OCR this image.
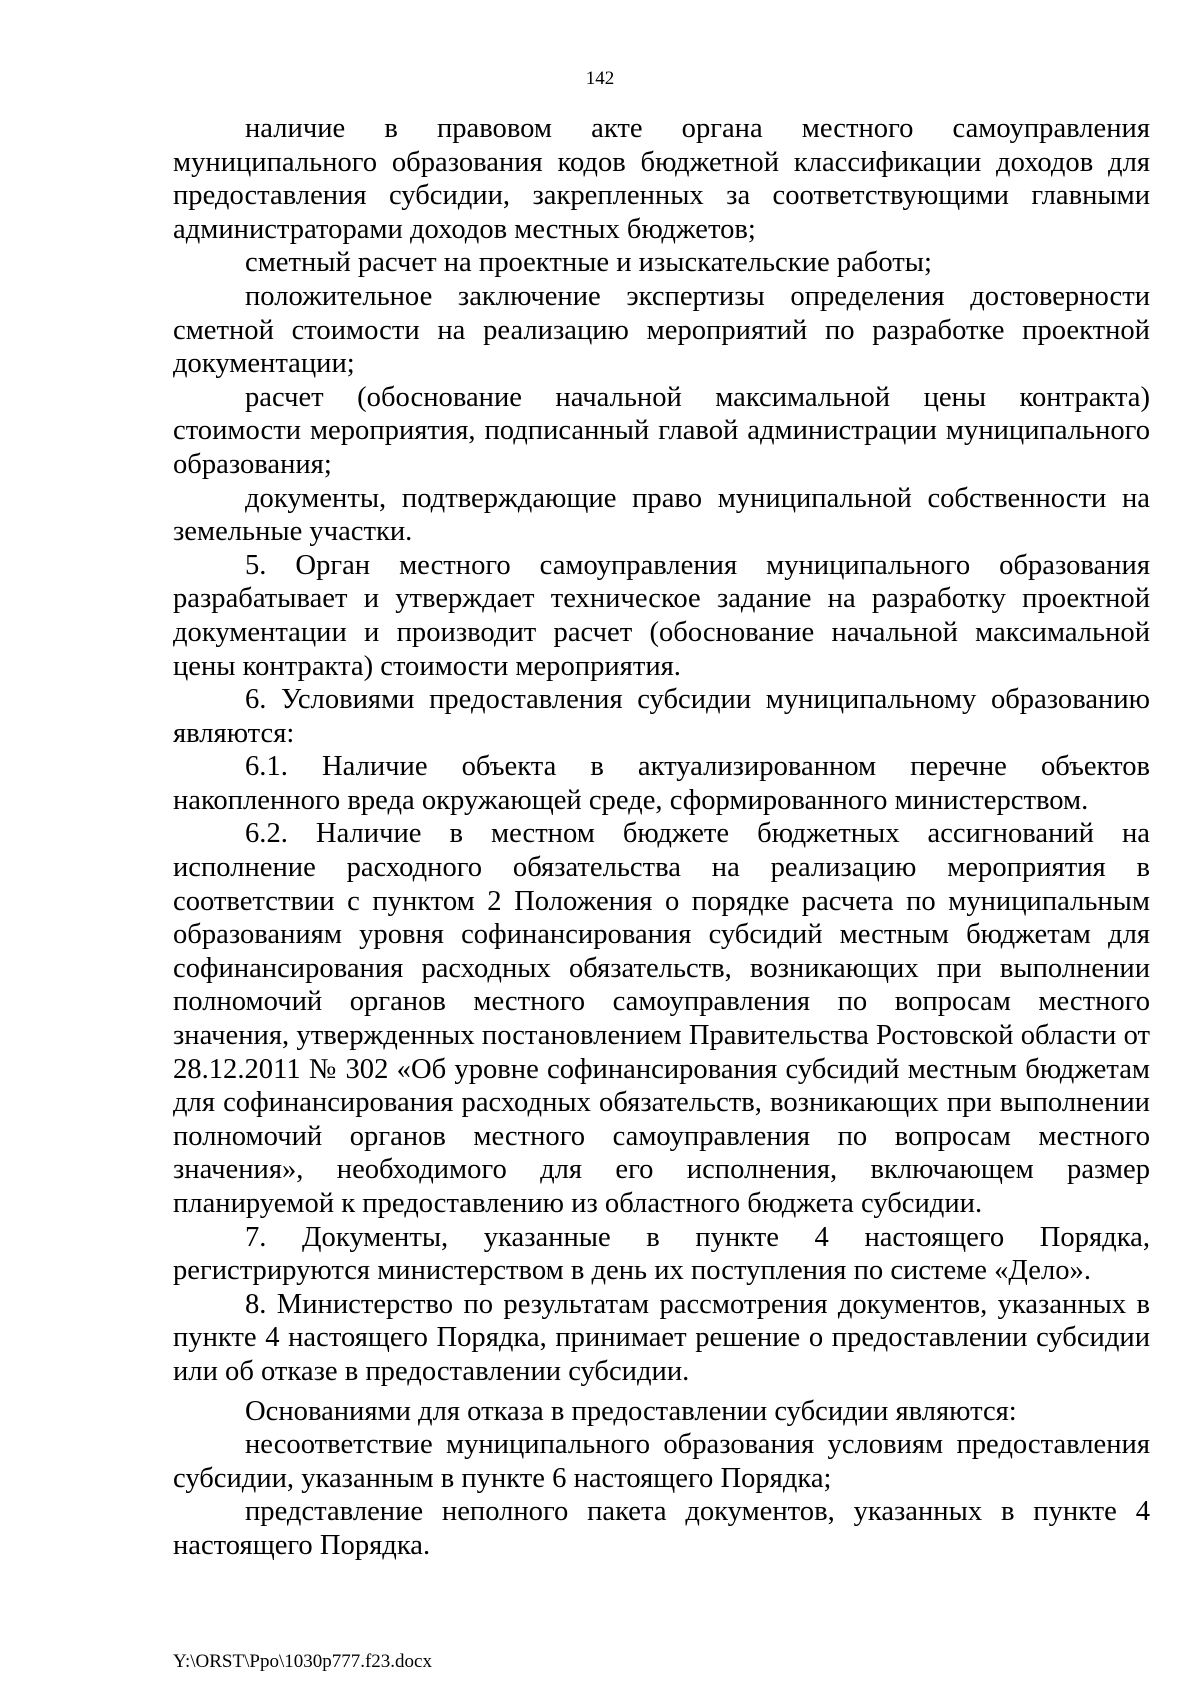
142

наличие в правовом акте органа местного самоуправления муниципального образования кодов бюджетной классификации доходов для предоставления субсидии, закрепленных за соответствующими главными администраторами доходов местных бюджетов;

сметный расчет на проектные и изыскательские работы;

положительное заключение экспертизы определения достоверности сметной стоимости на реализацию мероприятий по разработке проектной документации;

расчет (обоснование начальной максимальной цены контракта) стоимости мероприятия, подписанный главой администрации муниципального образования;

документы, подтверждающие право муниципальной собственности на земельные участки.

5. Орган местного самоуправления муниципального образования разрабатывает и утверждает техническое задание на разработку проектной документации и производит расчет (обоснование начальной максимальной цены контракта) стоимости мероприятия.

6. Условиями предоставления субсидии муниципальному образованию являются:

6.1. Наличие объекта в актуализированном перечне объектов накопленного вреда окружающей среде, сформированного министерством.

6.2. Наличие в местном бюджете бюджетных ассигнований на исполнение расходного обязательства на реализацию мероприятия в соответствии с пунктом 2 Положения о порядке расчета по муниципальным образованиям уровня софинансирования субсидий местным бюджетам для софинансирования расходных обязательств, возникающих при выполнении полномочий органов местного самоуправления по вопросам местного значения, утвержденных постановлением Правительства Ростовской области от 28.12.2011 № 302 «Об уровне софинансирования субсидий местным бюджетам для софинансирования расходных обязательств, возникающих при выполнении полномочий органов местного самоуправления по вопросам местного значения», необходимого для его исполнения, включающем размер планируемой к предоставлению из областного бюджета субсидии.

7. Документы, указанные в пункте 4 настоящего Порядка, регистрируются министерством в день их поступления по системе «Дело».

8. Министерство по результатам рассмотрения документов, указанных в пункте 4 настоящего Порядка, принимает решение о предоставлении субсидии или об отказе в предоставлении субсидии.

Основаниями для отказа в предоставлении субсидии являются:

несоответствие муниципального образования условиям предоставления субсидии, указанным в пункте 6 настоящего Порядка;

представление неполного пакета документов, указанных в пункте 4 настоящего Порядка.

Y:\ORST\Ppo\1030p777.f23.docx
